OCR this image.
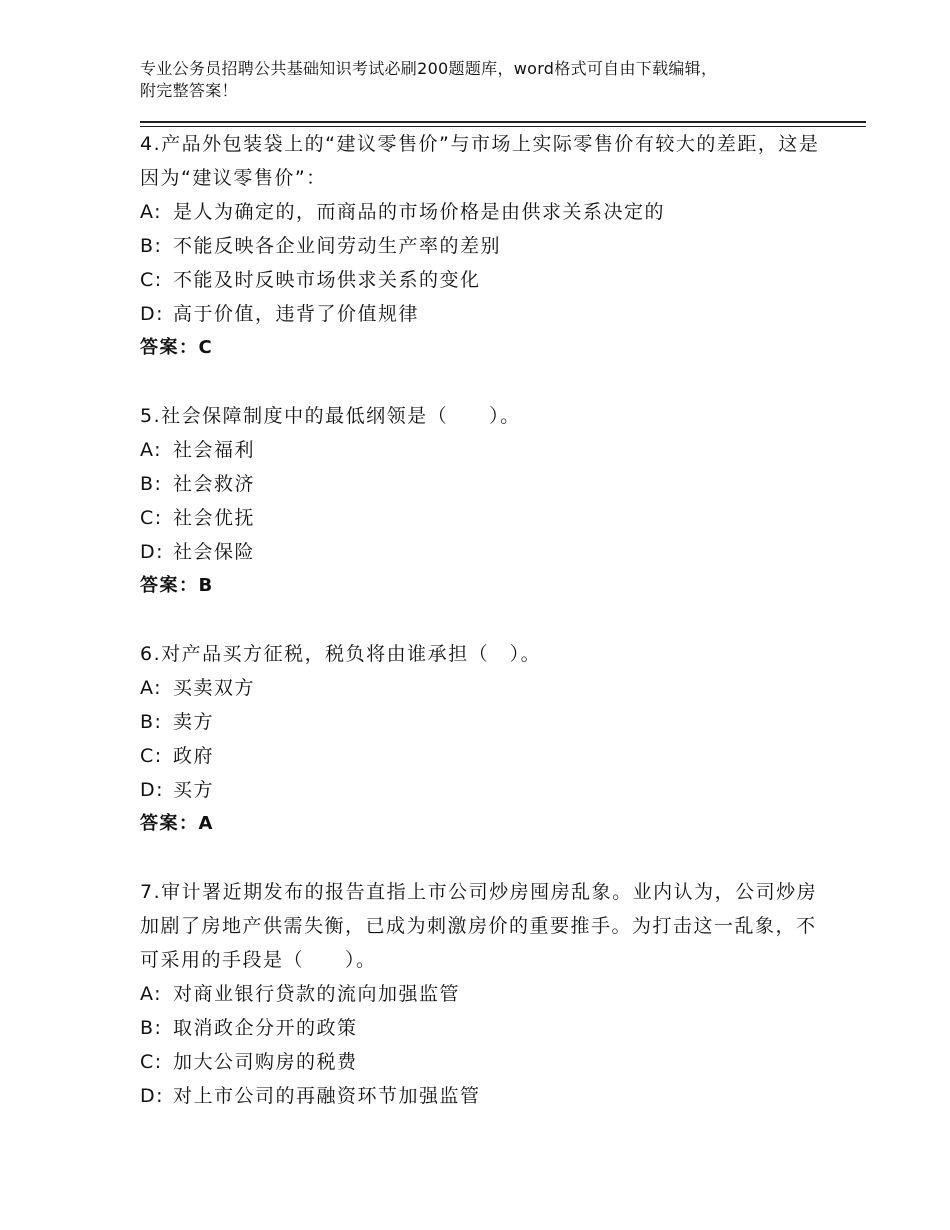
专业公务员招聘公共基础知识考试必刷200题题库，word格式可自由下载编辑，
附完整答案！
4.产品外包装袋上的“建议零售价”与市场上实际零售价有较大的差距，这是因为“建议零售价”：
A: 是人为确定的，而商品的市场价格是由供求关系决定的
B: 不能反映各企业间劳动生产率的差别
C: 不能及时反映市场供求关系的变化
D: 高于价值，违背了价值规律
答案：C
5.社会保障制度中的最低纲领是（　　）。
A: 社会福利
B: 社会救济
C: 社会优抚
D: 社会保险
答案：B
6.对产品买方征税，税负将由谁承担（　）。
A: 买卖双方
B: 卖方
C: 政府
D: 买方
答案：A
7.审计署近期发布的报告直指上市公司炒房囤房乱象。业内认为，公司炒房加剧了房地产供需失衡，已成为刺激房价的重要推手。为打击这一乱象，不可采用的手段是（　　）。
A: 对商业银行贷款的流向加强监管
B: 取消政企分开的政策
C: 加大公司购房的税费
D: 对上市公司的再融资环节加强监管
